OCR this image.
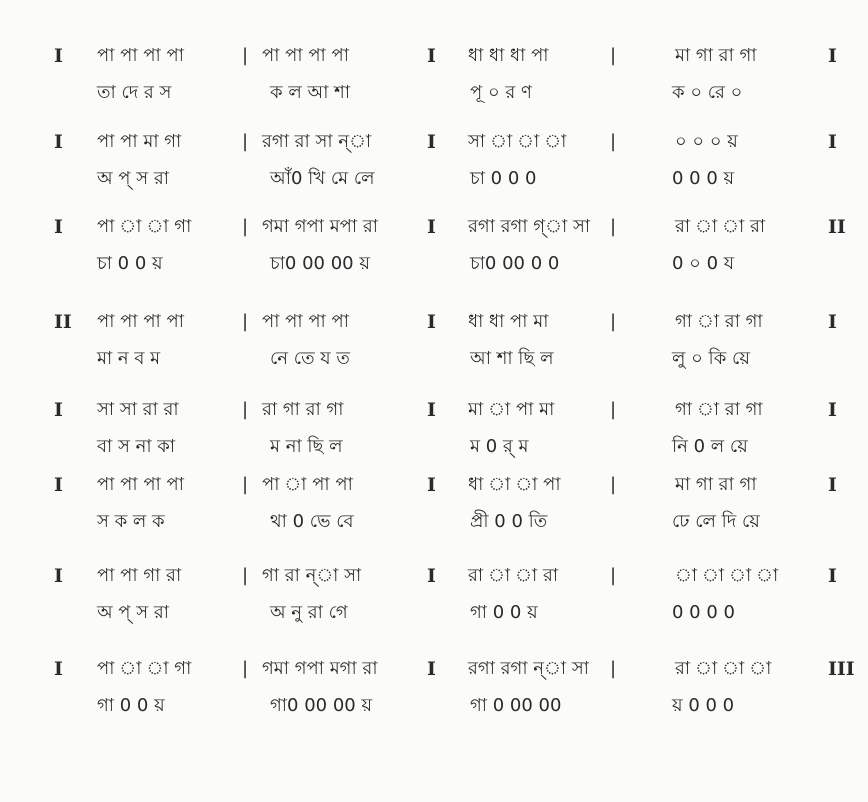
I পা পা পা পা	| পা পা পা পা	I ধা ধা ধা পা	|	মা গা রা গা	I
তা দে র স	ক ল আ শা	পূ ০ র ণ	ক ০ রে ০
I পা পা মা গা	| রগা রা সা ন্‌া	I সা া া া |	০ ০ ০ য়	I
অ প্‌ স রা	আঁ0 খি মে লে	চা 0 0 0	0 0 0 য়
I পা া া গা	| গমা গপা মপা রা	I রগা রগা গ্‌া সা |	রা া া রা	II
চা 0 0 য়	চা0 00 00 য়	চা0 00 0 0	0 ০ 0 য
II পা পা পা পা	| পা পা পা পা	I ধা ধা পা মা	|	গা া রা গা	I
মা ন ব ম	নে তে য ত	আ শা ছি ল	লু ০ কি য়ে
I সা সা রা রা	| রা গা রা গা	I মা া পা মা	|	গা া রা গা	I
বা স না কা	ম না ছি ল	ম 0 র্‌ ম	নি 0 ল য়ে
I পা পা পা পা	| পা া পা পা	I ধা া া পা	|	মা গা রা গা	I
স ক ল ক	থা 0 ভে বে	প্রী 0 0 তি	ঢে লে দি য়ে
I পা পা গা রা	| গা রা ন্‌া সা	I রা া া রা	|	া া া া	I
অ প্‌ স রা	অ নু রা গে	গা 0 0 য়	0 0 0 0
I পা া া গা	| গমা গপা মগা রা	I রগা রগা ন্‌া সা |	রা া া া	III
গা 0 0 য়	গা0 00 00 য়	গা 0 00 00	য় 0 0 0
